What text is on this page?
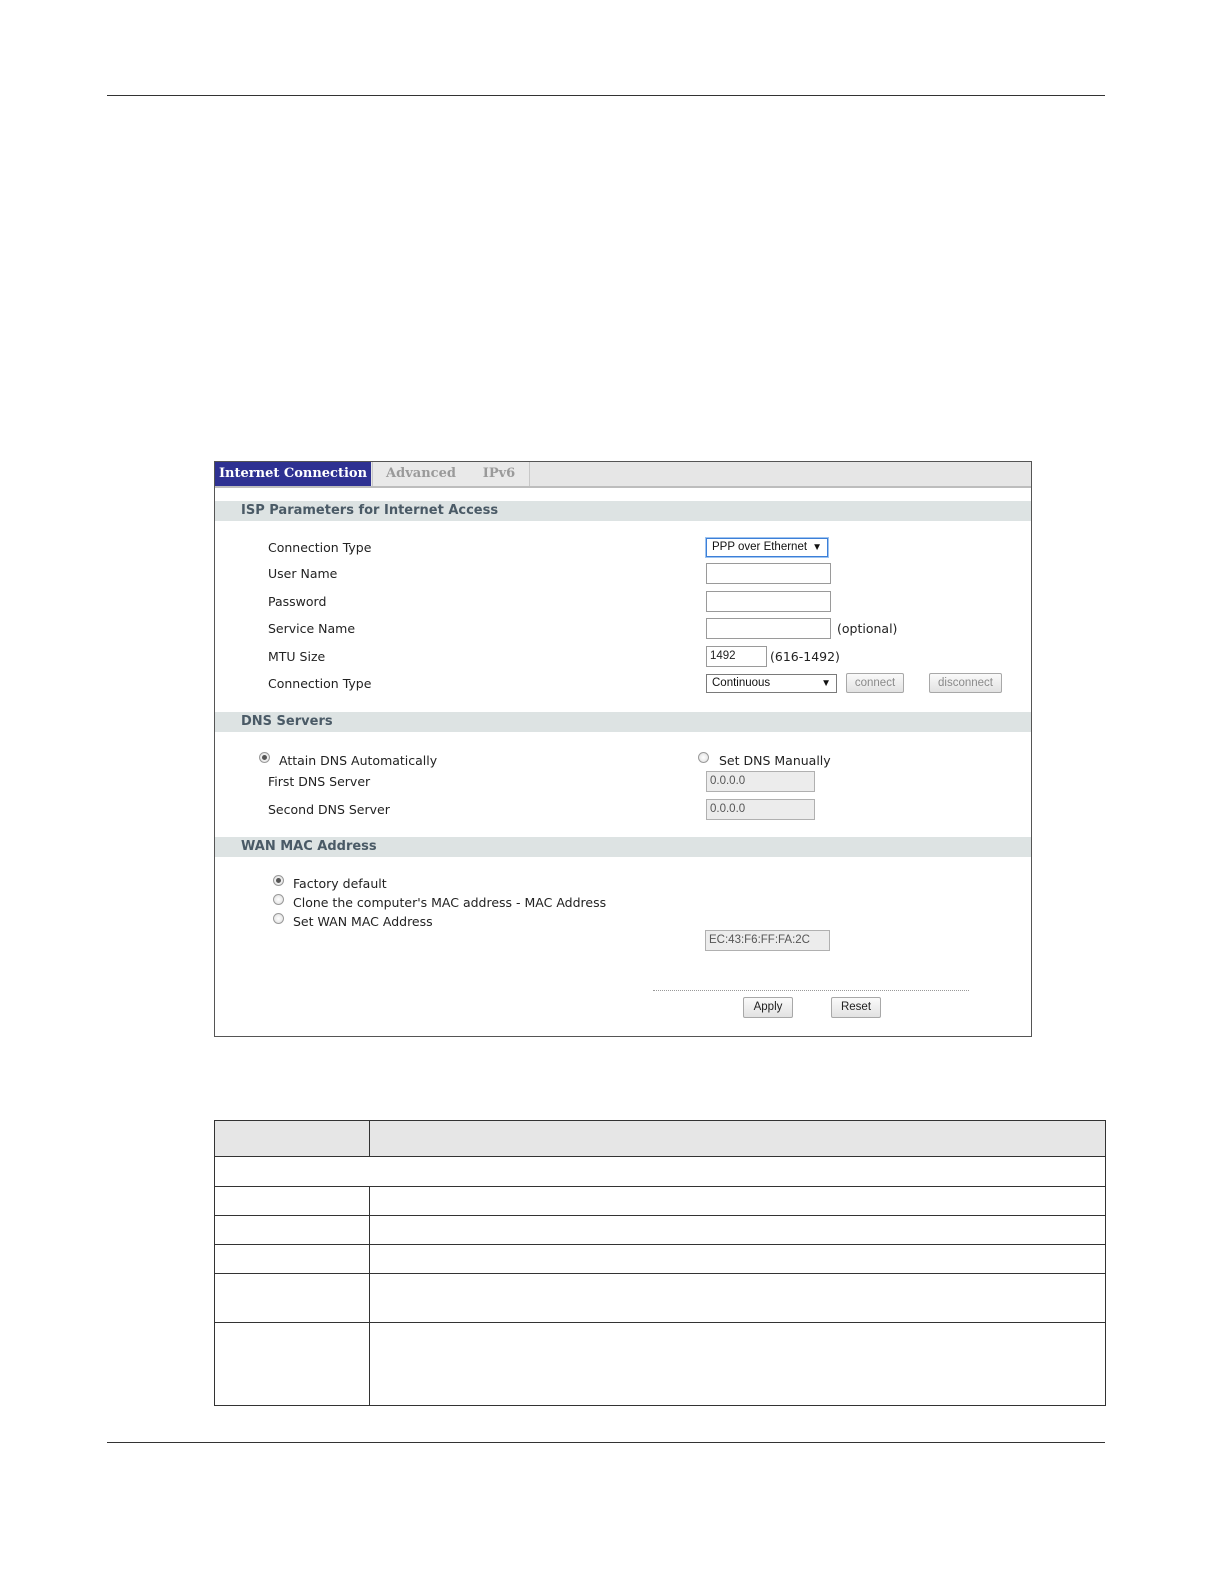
Internet Connection	Advanced	IPv6
ISP Parameters for Internet Access
Connection Type	PPP over Ethernet ▼
User Name
Password
Service Name	(optional)
MTU Size	1492	(616-1492)
Connection Type	Continuous	▼	connect	disconnect
DNS Servers
Attain DNS Automatically	Set DNS Manually
First DNS Server	0.0.0.0
Second DNS Server	0.0.0.0
WAN MAC Address
Factory default
Clone the computer's MAC address - MAC Address
Set WAN MAC Address
EC:43:F6:FF:FA:2C
Apply	Reset
